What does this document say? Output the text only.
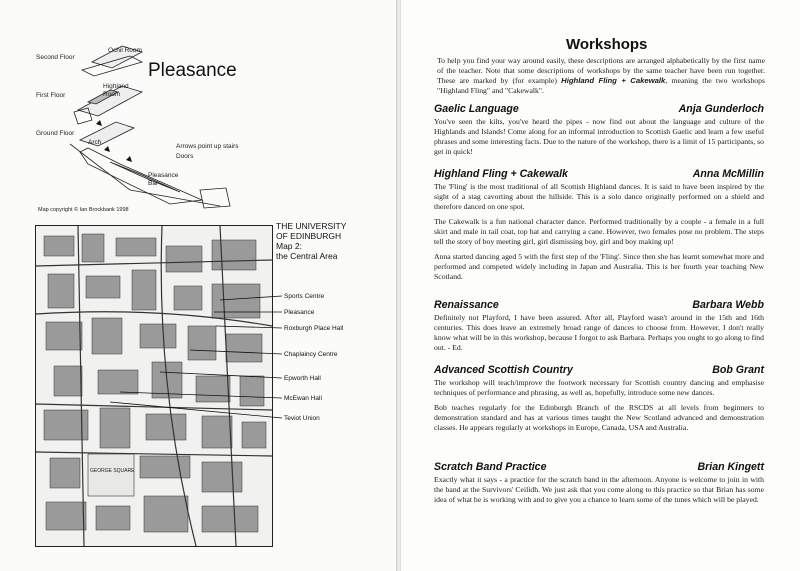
Second Floor
First Floor
Ground Floor
Ochil Room
Highland Room
Arch
Pleasance Bar
Arrows point up stairs
Doors
Pleasance
Map copyright © Ian Brockbank 1998
GEORGE SQUARE
THE UNIVERSITY
OF EDINBURGH
Map 2:
the Central Area
Sports Centre
Pleasance
Roxburgh Place Hall
Chaplaincy Centre
Epworth Hall
McEwan Hall
Teviot Union
Workshops
To help you find your way around easily, these descriptions are arranged alphabetically by the first name of the teacher. Note that some descriptions of workshops by the same teacher have been run together. These are marked by (for example) Highland Fling + Cakewalk, meaning the two workshops "Highland Fling" and "Cakewalk".
Gaelic Language	Anja Gunderloch

You've seen the kilts, you've heard the pipes - now find out about the language and culture of the Highlands and Islands! Come along for an informal introduction to Scottish Gaelic and learn a few useful phrases and some interesting facts. Due to the nature of the workshop, there is a limit of 15 participants, so get in quick!

Highland Fling + Cakewalk	Anna McMillin

The 'Fling' is the most traditional of all Scottish Highland dances. It is said to have been inspired by the sight of a stag cavorting about the hillside. This is a solo dance originally performed on a shield and therefore danced on one spot.

The Cakewalk is a fun national character dance. Performed traditionally by a couple - a female in a full skirt and male in tail coat, top hat and carrying a cane. However, two females pose no problem. The steps tell the story of boy meeting girl, girl dismissing boy, girl and boy making up!

Anna started dancing aged 5 with the first step of the 'Fling'. Since then she has learnt somewhat more and performed and competed widely including in Japan and Australia. This is her fourth year teaching New Scotland.

Renaissance	Barbara Webb

Definitely not Playford, I have been assured. After all, Playford wasn't around in the 15th and 16th centuries. This does leave an extremely broad range of dances to choose from. However, I don't really know what will be in this workshop, because I forgot to ask Barbara. Perhaps you ought to go along to find out. - Ed.

Advanced Scottish Country	Bob Grant

The workshop will teach/improve the footwork necessary for Scottish country dancing and emphasise techniques of performance and phrasing, as well as, hopefully, introduce some new dances.

Bob teaches regularly for the Edinburgh Branch of the RSCDS at all levels from beginners to demonstration standard and has at various times taught the New Scotland advanced and demonstration classes. He appears regularly at workshops in Europe, Canada, USA and Australia.

Scratch Band Practice	Brian Kingett

Exactly what it says - a practice for the scratch band in the afternoon. Anyone is welcome to join in with the band at the Survivors' Ceilidh. We just ask that you come along to this practice so that Brian has some idea of what he is working with and to give you a chance to learn some of the tunes which will be played.
